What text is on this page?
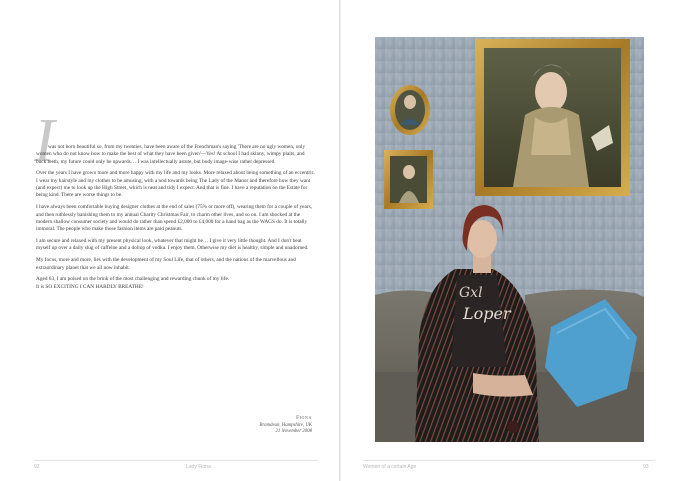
I

was not born beautiful so, from my twenties, have been aware of the Frenchman's saying 'There are no ugly women, only women who do not know how to make the best of what they have been given'—Yes! At school I had skinny, wimpy plaits, and buck teeth, my future could only be upwards… I was intellectually astute, but body image-wise rather depressed.

Over the years I have grown more and more happy with my life and my looks. More relaxed about being something of an eccentric. I wear my hairstyle and my clothes to be amusing, with a nod towards being The Lady of the Manor and therefore how they want (and expect) me to look up the High Street, which is neat and tidy I expect. And that is fine. I have a reputation on the Estate for being kind. There are worse things to be.

I have always been comfortable buying designer clothes at the end of sales (75% or more off), wearing them for a couple of years, and then ruthlessly banishing them to my annual Charity Christmas Fair, to charm other lives, and so on. I am shocked at the modern shallow consumer society and would do rather than spend £2,000 to £4,000 for a hand bag as the WAGS do. It is totally immoral. The people who make those fashion items are paid peanuts.

I am secure and relaxed with my present physical look, whatever that might be… I give it very little thought. And I don't beat myself up over a daily slug of caffeine and a dollop of vodka. I enjoy them. Otherwise my diet is healthy, simple and unadorned.

My focus, more and more, lies with the development of my Soul Life, that of others, and the nations of the marvellous and extraordinary planet that we all now inhabit.

Aged 63, I am poised on the brink of the most challenging and rewarding chunk of my life.
It is SO EXCITING I CAN HARDLY BREATHE!

Fiona
Bramdean, Hampshire, UK
21 November 2008
92	Lady Fiona
Gxl
Loper
Women of a certain Age	93
